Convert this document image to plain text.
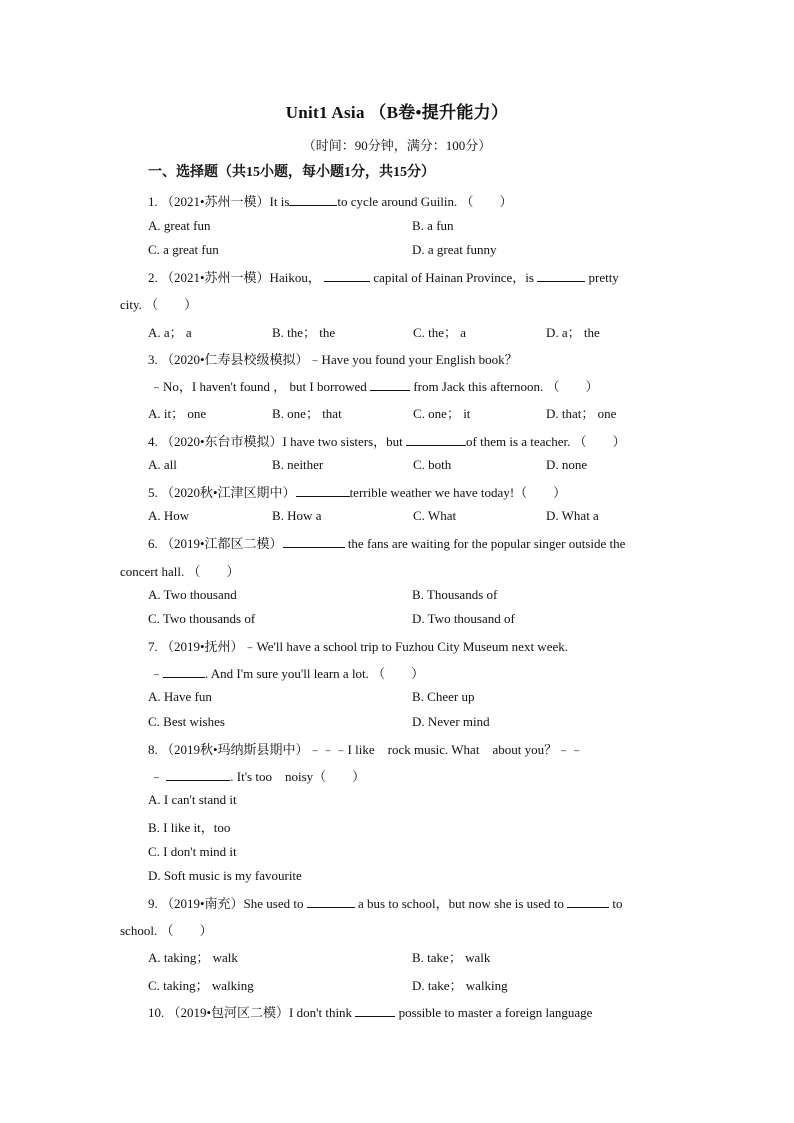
Unit1 Asia （B卷•提升能力）
（时间：90分钟，满分：100分）
一、选择题（共15小题，每小题1分，共15分）
1. （2021•苏州一模）It is	to cycle around Guilin. （　　）
A. great fun	B. a fun
C. a great fun	D. a great funny
2. （2021•苏州一模）Haikou，	capital of Hainan Province，is	pretty
city. （　　）
A. a； a	B. the； the	C. the； a	D. a； the
3. （2020•仁寿县校级模拟）﹣Have you found your English book？
﹣No，I haven't found ， but I borrowed	from Jack this afternoon. （　　）
A. it； one	B. one； that	C. one； it	D. that； one
4. （2020•东台市模拟）I have two sisters，but	of them is a teacher. （　　）
A. all	B. neither	C. both	D. none
5. （2020秋•江津区期中）	terrible weather we have today!（　　）
A. How	B. How a	C. What	D. What a
6. （2019•江都区二模）	the fans are waiting for the popular singer outside the
concert hall. （　　）
A. Two thousand	B. Thousands of
C. Two thousands of	D. Two thousand of
7. （2019•抚州）﹣We'll have a school trip to Fuzhou City Museum next week.
﹣	. And I'm sure you'll learn a lot. （　　）
A. Have fun	B. Cheer up
C. Best wishes	D. Never mind
8. （2019秋•玛纳斯县期中）﹣﹣﹣I like　rock music. What　about you？﹣﹣
﹣	. It's too　noisy（　　）
A. I can't stand it
B. I like it，too
C. I don't mind it
D. Soft music is my favourite
9. （2019•南充）She used to	a bus to school，but now she is used to	to
school. （　　）
A. taking； walk	B. take； walk
C. taking； walking	D. take； walking
10. （2019•包河区二模）I don't think	possible to master a foreign language
